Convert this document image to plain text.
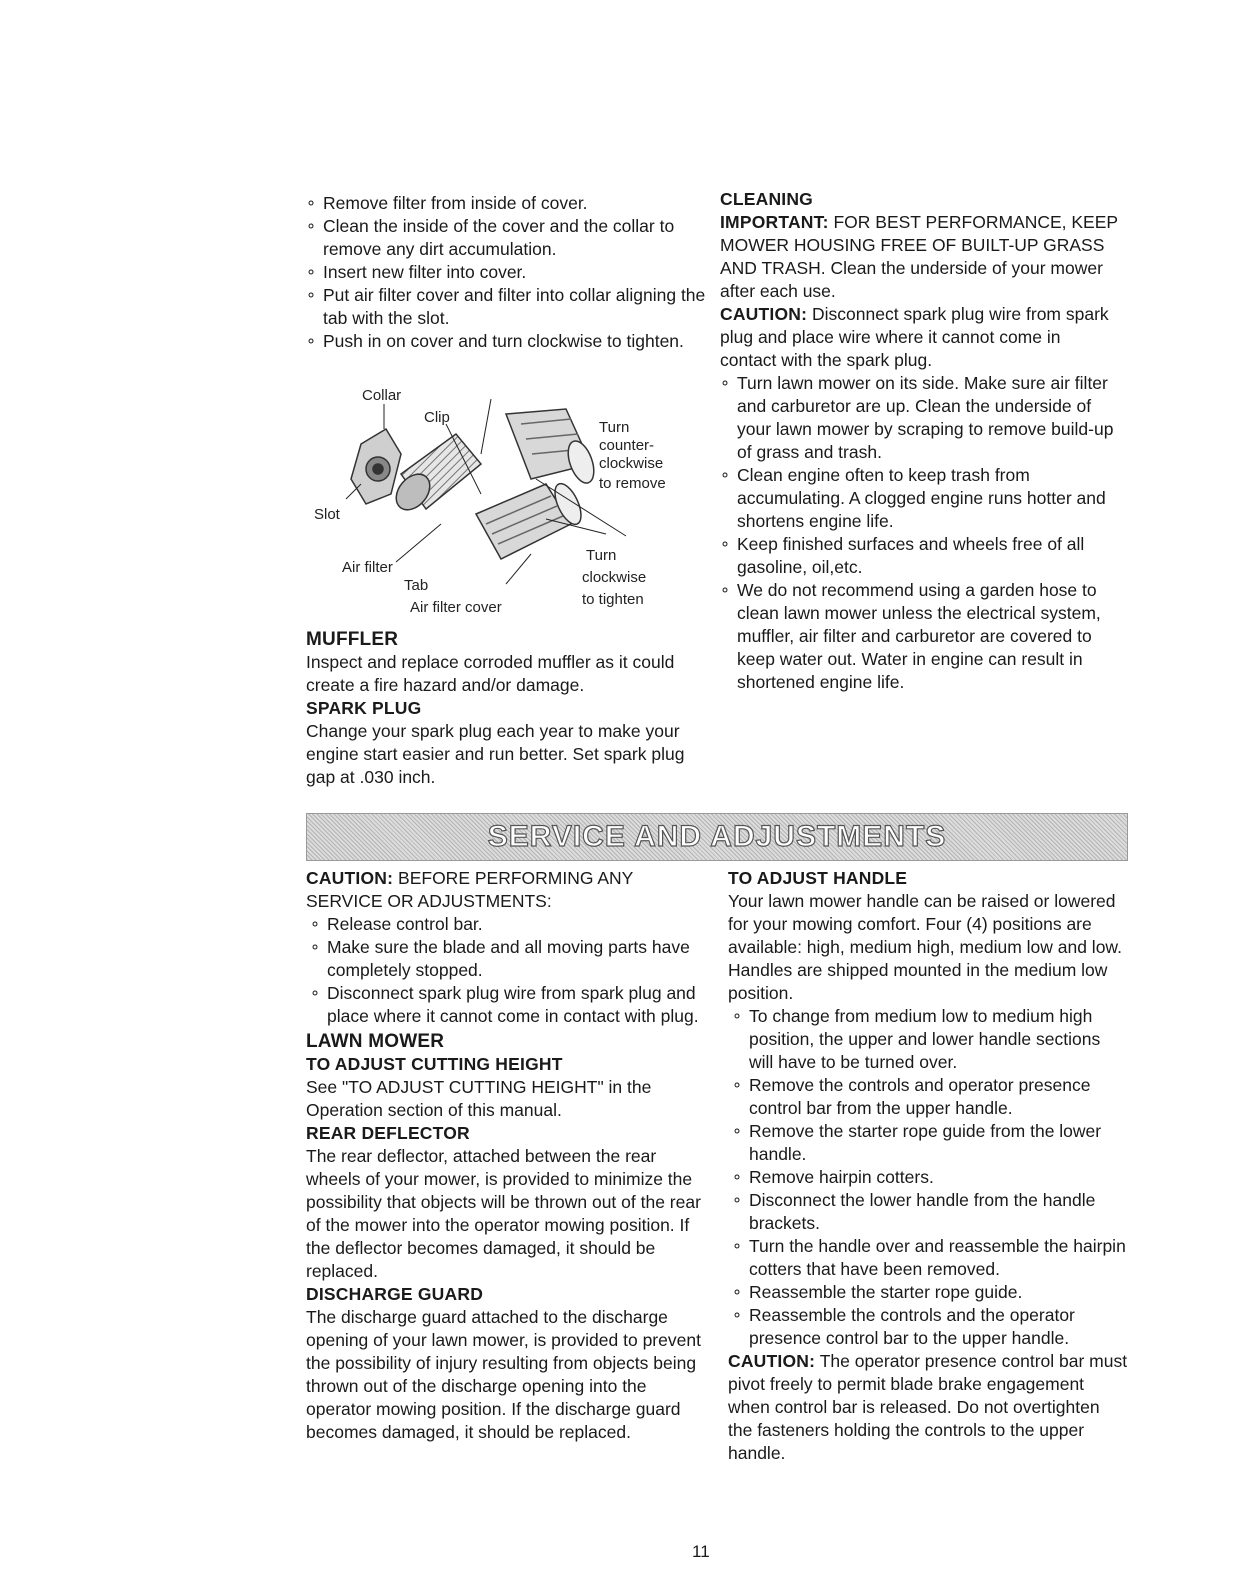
∘ Remove filter from inside of cover.
∘ Clean the inside of the cover and the collar to remove any dirt accumulation.
∘ Insert new filter into cover.
∘ Put air filter cover and filter into collar aligning the tab with the slot.
∘ Push in on cover and turn clockwise to tighten.
Collar
Clip
Slot
Air filter
Tab
Air filter cover
Turn
counter-
clockwise
to remove
Turn
clockwise
to tighten
MUFFLER

Inspect and replace corroded muffler as it could create a fire hazard and/or damage.

SPARK PLUG

Change your spark plug each year to make your engine start easier and run better. Set spark plug gap at .030 inch.

CLEANING

IMPORTANT: FOR BEST PERFORMANCE, KEEP MOWER HOUSING FREE OF BUILT-UP GRASS AND TRASH. Clean the underside of your mower after each use.

CAUTION: Disconnect spark plug wire from spark plug and place wire where it cannot come in contact with the spark plug.

∘ Turn lawn mower on its side. Make sure air filter and carburetor are up. Clean the underside of your lawn mower by scraping to remove build-up of grass and trash.
∘ Clean engine often to keep trash from accumulating. A clogged engine runs hotter and shortens engine life.
∘ Keep finished surfaces and wheels free of all gasoline, oil,etc.
∘ We do not recommend using a garden hose to clean lawn mower unless the electrical system, muffler, air filter and carburetor are covered to keep water out. Water in engine can result in shortened engine life.
SERVICE AND ADJUSTMENTS

CAUTION: BEFORE PERFORMING ANY SERVICE OR ADJUSTMENTS:

∘ Release control bar.
∘ Make sure the blade and all moving parts have completely stopped.
∘ Disconnect spark plug wire from spark plug and place where it cannot come in contact with plug.
LAWN MOWER
TO ADJUST CUTTING HEIGHT

See "TO ADJUST CUTTING HEIGHT" in the Operation section of this manual.

REAR DEFLECTOR

The rear deflector, attached between the rear wheels of your mower, is provided to minimize the possibility that objects will be thrown out of the rear of the mower into the operator mowing position. If the deflector becomes damaged, it should be replaced.

DISCHARGE GUARD

The discharge guard attached to the discharge opening of your lawn mower, is provided to prevent the possibility of injury resulting from objects being thrown out of the discharge opening into the operator mowing position. If the discharge guard becomes damaged, it should be replaced.

TO ADJUST HANDLE

Your lawn mower handle can be raised or lowered for your mowing comfort. Four (4) positions are available: high, medium high, medium low and low. Handles are shipped mounted in the medium low position.

∘ To change from medium low to medium high position, the upper and lower handle sections will have to be turned over.
∘ Remove the controls and operator presence control bar from the upper handle.
∘ Remove the starter rope guide from the lower handle.
∘ Remove hairpin cotters.
∘ Disconnect the lower handle from the handle brackets.
∘ Turn the handle over and reassemble the hairpin cotters that have been removed.
∘ Reassemble the starter rope guide.
∘ Reassemble the controls and the operator presence control bar to the upper handle.

CAUTION: The operator presence control bar must pivot freely to permit blade brake engagement when control bar is released. Do not overtighten the fasteners holding the controls to the upper handle.

11
